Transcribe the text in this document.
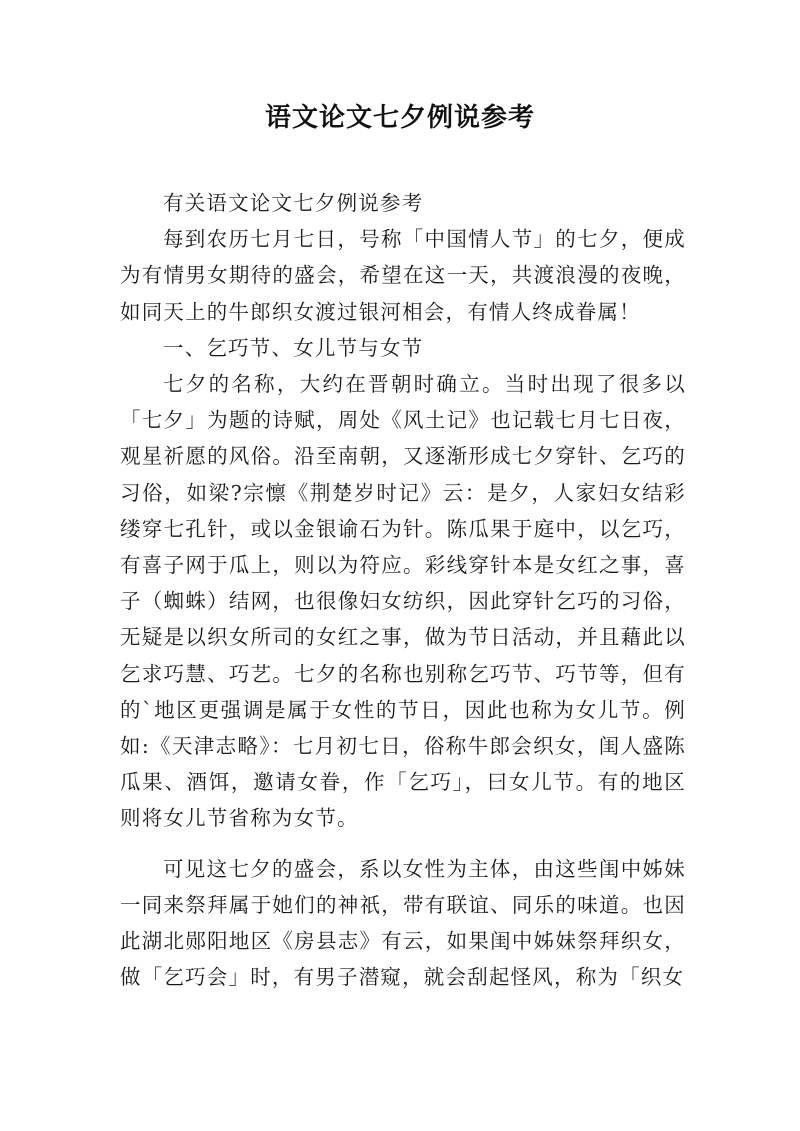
语文论文七夕例说参考

有关语文论文七夕例说参考

每到农历七月七日，号称「中国情人节」的七夕，便成为有情男女期待的盛会，希望在这一天，共渡浪漫的夜晚，如同天上的牛郎织女渡过银河相会，有情人终成眷属！

一、乞巧节、女儿节与女节

七夕的名称，大约在晋朝时确立。当时出现了很多以「七夕」为题的诗赋，周处《风土记》也记载七月七日夜，观星祈愿的风俗。沿至南朝，又逐渐形成七夕穿针、乞巧的习俗，如梁?宗懔《荆楚岁时记》云：是夕，人家妇女结彩缕穿七孔针，或以金银谕石为针。陈瓜果于庭中，以乞巧，有喜子网于瓜上，则以为符应。彩线穿针本是女红之事，喜子（蜘蛛）结网，也很像妇女纺织，因此穿针乞巧的习俗，无疑是以织女所司的女红之事，做为节日活动，并且藉此以乞求巧慧、巧艺。七夕的名称也别称乞巧节、巧节等，但有的`地区更强调是属于女性的节日，因此也称为女儿节。例如:《天津志略》：七月初七日，俗称牛郎会织女，闺人盛陈瓜果、酒饵，邀请女眷，作「乞巧」，曰女儿节。有的地区则将女儿节省称为女节。

可见这七夕的盛会，系以女性为主体，由这些闺中姊妹一同来祭拜属于她们的神祇，带有联谊、同乐的味道。也因此湖北郧阳地区《房县志》有云，如果闺中姊妹祭拜织女，做「乞巧会」时，有男子潜窥，就会刮起怪风，称为「织女
